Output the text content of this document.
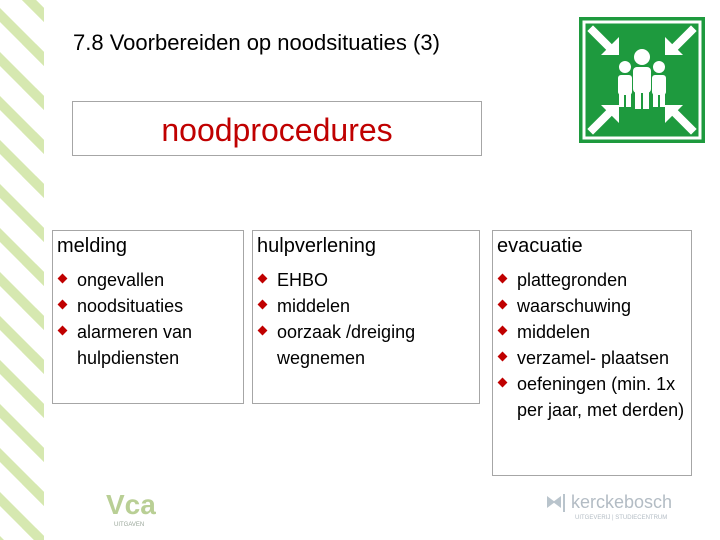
7.8 Voorbereiden op noodsituaties (3)
noodprocedures
melding
ongevallen
noodsituaties
alarmeren van hulpdiensten
hulpverlening
EHBO
middelen
oorzaak /dreiging wegnemen
evacuatie
plattegronden
waarschuwing
middelen
verzamel- plaatsen
oefeningen (min. 1x per jaar, met derden)
Vca
UITGAVEN
kerckebosch
UITGEVERIJ | STUDIECENTRUM
